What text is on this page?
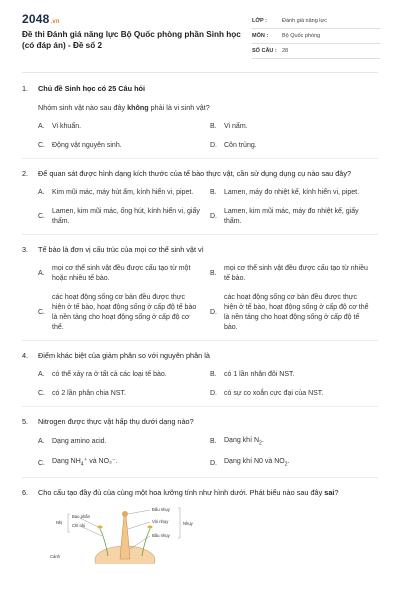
2048.vn
Đề thi Đánh giá năng lực Bộ Quốc phòng phần Sinh học (có đáp án) - Đề số 2
LỚP :	Đánh giá năng lực
MÔN :	Bộ Quốc phòng
SỐ CÂU : 28
1.	Chủ đề Sinh học có 25 Câu hỏi
Nhóm sinh vật nào sau đây không phải là vi sinh vật?
A.	Vi khuẩn.	B.	Vi nấm.
C.	Động vật nguyên sinh.	D.	Côn trùng.
2.	Để quan sát được hình dạng kích thước của tế bào thực vật, cần sử dụng dụng cụ nào sau đây?
A.	Kim mũi mác, máy hút ẩm, kính hiển vi, pipet.	B.	Lamen, máy đo nhiệt kế, kính hiển vi, pipet.
C.
Lamen, kim mũi mác, ống hút, kính hiển vi, giấy thấm.
D.
Lamen, kim mũi mác, máy đo nhiệt kế, giấy thấm.
3.	Tế bào là đơn vị cấu trúc của mọi cơ thể sinh vật vì
A.
mọi cơ thể sinh vật đều được cấu tạo từ một hoặc nhiều tế bào.
B.
mọi cơ thể sinh vật đều được cấu tạo từ nhiều tế bào.
C.
các hoạt động sống cơ bản đều được thực hiện ở tế bào, hoạt động sống ở cấp độ tế bào là nền tảng cho hoạt động sống ở cấp độ cơ thể.
D.
các hoạt động sống cơ bản đều được thực hiện ở tế bào, hoạt động sống ở cấp độ cơ thể là nền tảng cho hoạt động sống ở cấp độ tế bào.
4.	Điểm khác biệt của giảm phân so với nguyên phân là
A.	có thể xảy ra ở tất cả các loại tế bào.	B.	có 1 lần nhân đôi NST.
C.	có 2 lần phân chia NST.	D.	có sự co xoắn cực đại của NST.
5.	Nitrogen được thực vật hấp thụ dưới dạng nào?
A.	Dạng amino acid.	B.	Dạng khí $N_2$.
C.	Dạng $NH_4^+$ và NO₃⁻.	D.	Dạng khí N0 và $NO_2$.
6.	Cho cấu tạo đầy đủ của cùng một hoa lưỡng tính như hình dưới. Phát biểu nào sau đây sai?
Nhị
Bao phấn
Chỉ nhị
Đầu nhụy
Vòi nhụy
Bầu nhụy
Nhụy
Cánh
